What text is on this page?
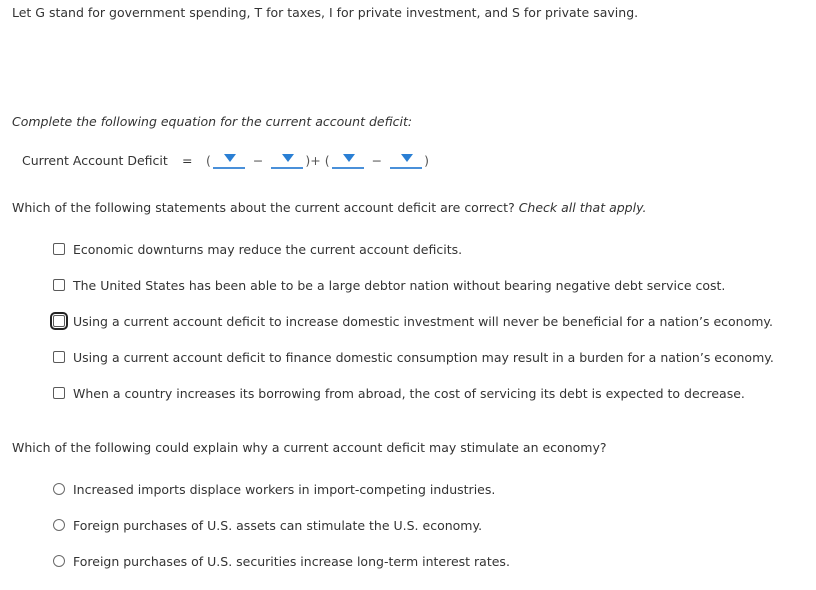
Let G stand for government spending, T for taxes, I for private investment, and S for private saving.
Complete the following equation for the current account deficit:
Current Account Deficit	=	(	−	)+ (	−	)
Which of the following statements about the current account deficit are correct? Check all that apply.
Economic downturns may reduce the current account deficits.
The United States has been able to be a large debtor nation without bearing negative debt service cost.
Using a current account deficit to increase domestic investment will never be beneficial for a nation’s economy.
Using a current account deficit to finance domestic consumption may result in a burden for a nation’s economy.
When a country increases its borrowing from abroad, the cost of servicing its debt is expected to decrease.
Which of the following could explain why a current account deficit may stimulate an economy?
Increased imports displace workers in import-competing industries.
Foreign purchases of U.S. assets can stimulate the U.S. economy.
Foreign purchases of U.S. securities increase long-term interest rates.
